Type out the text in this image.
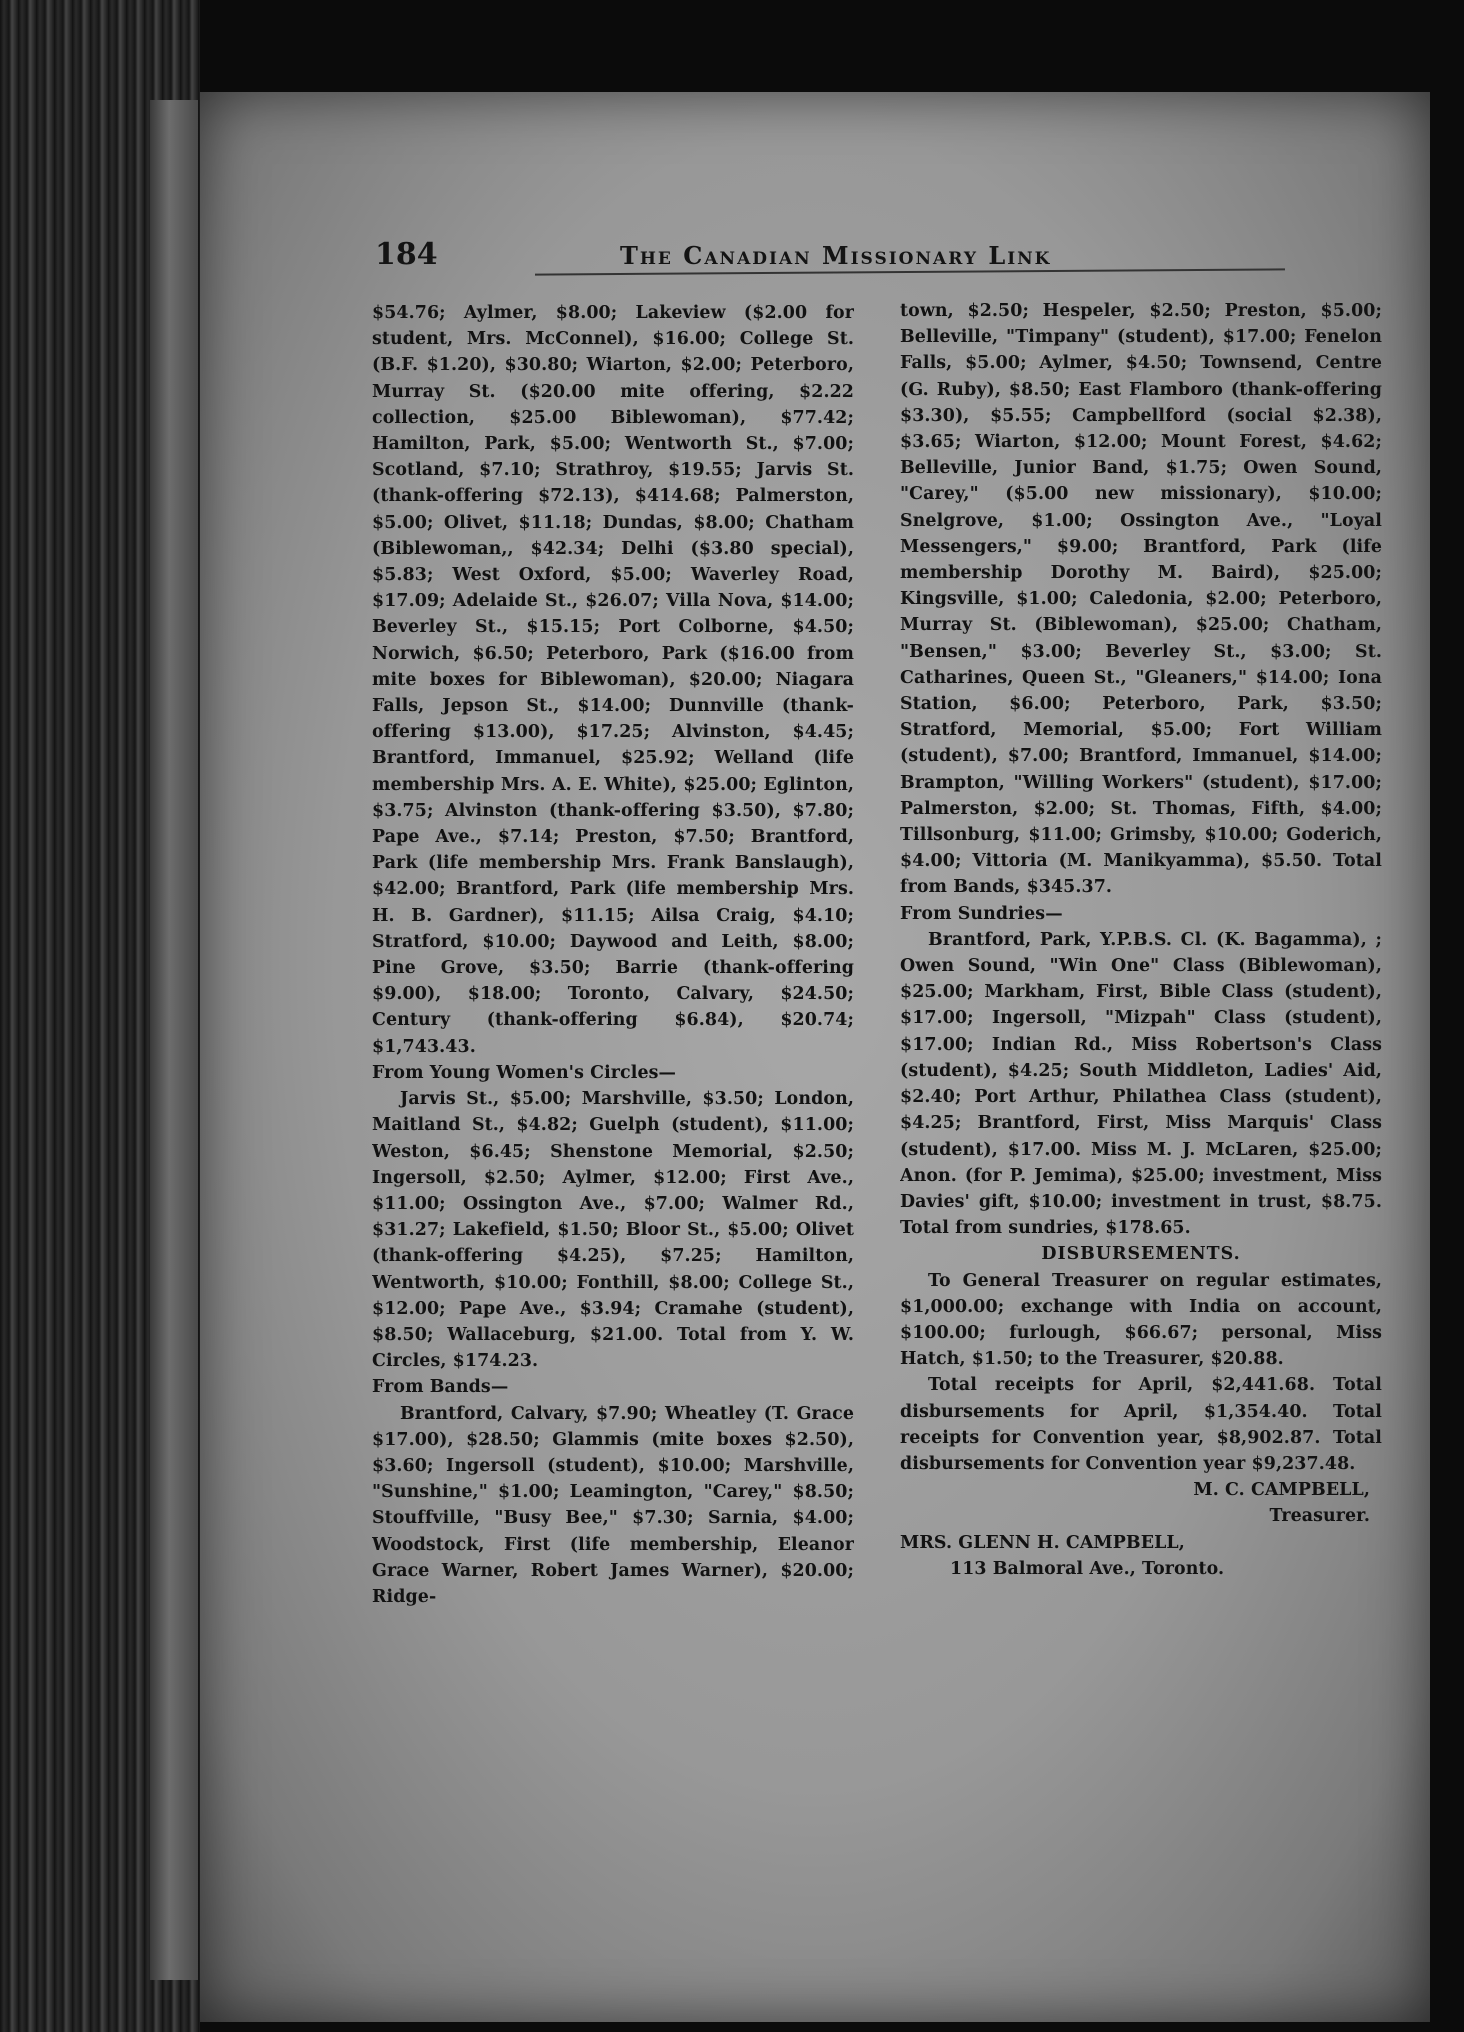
184	The Canadian Missionary Link

$54.76; Aylmer, $8.00; Lakeview ($2.00 for student, Mrs. McConnel), $16.00; College St. (B.F. $1.20), $30.80; Wiarton, $2.00; Peterboro, Murray St. ($20.00 mite offering, $2.22 collection, $25.00 Biblewoman), $77.42; Hamilton, Park, $5.00; Wentworth St., $7.00; Scotland, $7.10; Strathroy, $19.55; Jarvis St. (thank-offering $72.13), $414.68; Palmerston, $5.00; Olivet, $11.18; Dundas, $8.00; Chatham (Biblewoman,, $42.34; Delhi ($3.80 special), $5.83; West Oxford, $5.00; Waverley Road, $17.09; Adelaide St., $26.07; Villa Nova, $14.00; Beverley St., $15.15; Port Colborne, $4.50; Norwich, $6.50; Peterboro, Park ($16.00 from mite boxes for Biblewoman), $20.00; Niagara Falls, Jepson St., $14.00; Dunnville (thank-offering $13.00), $17.25; Alvinston, $4.45; Brantford, Immanuel, $25.92; Welland (life membership Mrs. A. E. White), $25.00; Eglinton, $3.75; Alvinston (thank-offering $3.50), $7.80; Pape Ave., $7.14; Preston, $7.50; Brantford, Park (life membership Mrs. Frank Banslaugh), $42.00; Brantford, Park (life membership Mrs. H. B. Gardner), $11.15; Ailsa Craig, $4.10; Stratford, $10.00; Daywood and Leith, $8.00; Pine Grove, $3.50; Barrie (thank-offering $9.00), $18.00; Toronto, Calvary, $24.50; Century (thank-offering $6.84), $20.74; $1,743.43.

From Young Women's Circles—

Jarvis St., $5.00; Marshville, $3.50; London, Maitland St., $4.82; Guelph (student), $11.00; Weston, $6.45; Shenstone Memorial, $2.50; Ingersoll, $2.50; Aylmer, $12.00; First Ave., $11.00; Ossington Ave., $7.00; Walmer Rd., $31.27; Lakefield, $1.50; Bloor St., $5.00; Olivet (thank-offering $4.25), $7.25; Hamilton, Wentworth, $10.00; Fonthill, $8.00; College St., $12.00; Pape Ave., $3.94; Cramahe (student), $8.50; Wallaceburg, $21.00. Total from Y. W. Circles, $174.23.

From Bands—

Brantford, Calvary, $7.90; Wheatley (T. Grace $17.00), $28.50; Glammis (mite boxes $2.50), $3.60; Ingersoll (student), $10.00; Marshville, "Sunshine," $1.00; Leamington, "Carey," $8.50; Stouffville, "Busy Bee," $7.30; Sarnia, $4.00; Woodstock, First (life membership, Eleanor Grace Warner, Robert James Warner), $20.00; Ridge-

town, $2.50; Hespeler, $2.50; Preston, $5.00; Belleville, "Timpany" (student), $17.00; Fenelon Falls, $5.00; Aylmer, $4.50; Townsend, Centre (G. Ruby), $8.50; East Flamboro (thank-offering $3.30), $5.55; Campbellford (social $2.38), $3.65; Wiarton, $12.00; Mount Forest, $4.62; Belleville, Junior Band, $1.75; Owen Sound, "Carey," ($5.00 new missionary), $10.00; Snelgrove, $1.00; Ossington Ave., "Loyal Messengers," $9.00; Brantford, Park (life membership Dorothy M. Baird), $25.00; Kingsville, $1.00; Caledonia, $2.00; Peterboro, Murray St. (Biblewoman), $25.00; Chatham, "Bensen," $3.00; Beverley St., $3.00; St. Catharines, Queen St., "Gleaners," $14.00; Iona Station, $6.00; Peterboro, Park, $3.50; Stratford, Memorial, $5.00; Fort William (student), $7.00; Brantford, Immanuel, $14.00; Brampton, "Willing Workers" (student), $17.00; Palmerston, $2.00; St. Thomas, Fifth, $4.00; Tillsonburg, $11.00; Grimsby, $10.00; Goderich, $4.00; Vittoria (M. Manikyamma), $5.50. Total from Bands, $345.37.

From Sundries—

Brantford, Park, Y.P.B.S. Cl. (K. Bagamma), ; Owen Sound, "Win One" Class (Biblewoman), $25.00; Markham, First, Bible Class (student), $17.00; Ingersoll, "Mizpah" Class (student), $17.00; Indian Rd., Miss Robertson's Class (student), $4.25; South Middleton, Ladies' Aid, $2.40; Port Arthur, Philathea Class (student), $4.25; Brantford, First, Miss Marquis' Class (student), $17.00. Miss M. J. McLaren, $25.00; Anon. (for P. Jemima), $25.00; investment, Miss Davies' gift, $10.00; investment in trust, $8.75. Total from sundries, $178.65.

DISBURSEMENTS.

To General Treasurer on regular estimates, $1,000.00; exchange with India on account, $100.00; furlough, $66.67; personal, Miss Hatch, $1.50; to the Treasurer, $20.88.

Total receipts for April, $2,441.68. Total disbursements for April, $1,354.40. Total receipts for Convention year, $8,902.87. Total disbursements for Convention year $9,237.48.

M. C. CAMPBELL,

Treasurer.

MRS. GLENN H. CAMPBELL,

113 Balmoral Ave., Toronto.
